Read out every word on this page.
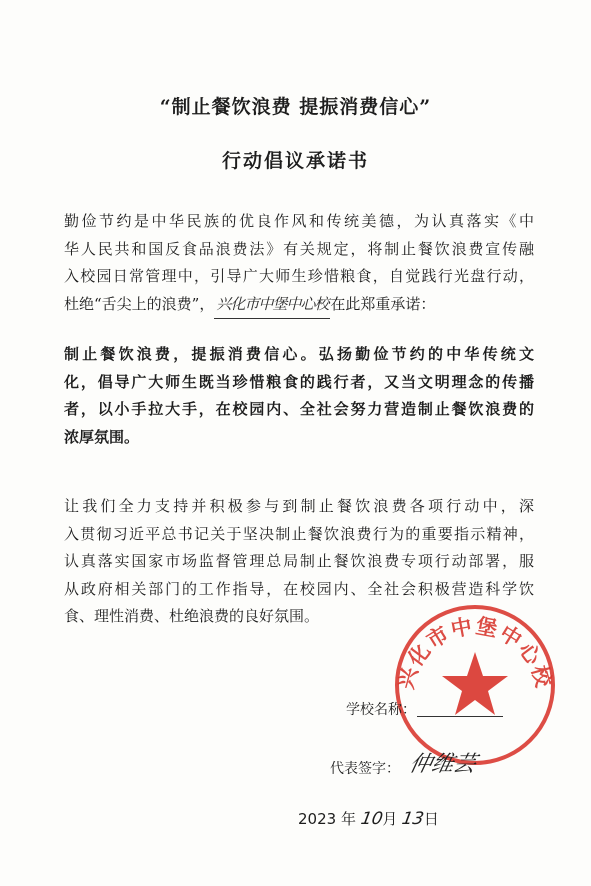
“制止餐饮浪费 提振消费信心”
行动倡议承诺书
勤俭节约是中华民族的优良作风和传统美德，为认真落实《中
华人民共和国反食品浪费法》有关规定，将制止餐饮浪费宣传融
入校园日常管理中，引导广大师生珍惜粮食，自觉践行光盘行动，
杜绝“舌尖上的浪费”， 兴化市中堡中心校 在此郑重承诺：
制止餐饮浪费，提振消费信心。弘扬勤俭节约的中华传统文
化，倡导广大师生既当珍惜粮食的践行者，又当文明理念的传播
者，以小手拉大手，在校园内、全社会努力营造制止餐饮浪费的
浓厚氛围。
让我们全力支持并积极参与到制止餐饮浪费各项行动中，深
入贯彻习近平总书记关于坚决制止餐饮浪费行为的重要指示精神，
认真落实国家市场监督管理总局制止餐饮浪费专项行动部署，服
从政府相关部门的工作指导，在校园内、全社会积极营造科学饮
食、理性消费、杜绝浪费的良好氛围。
兴化市中堡中心校
学校名称：
代表签字： 仲维芸
2023 年 10月 13日
